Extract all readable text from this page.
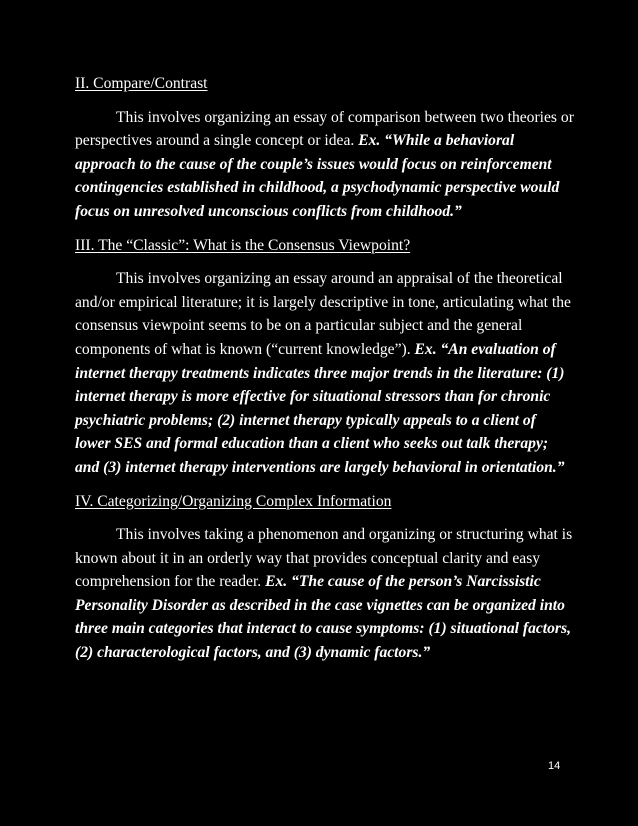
II. Compare/Contrast

This involves organizing an essay of comparison between two theories or perspectives around a single concept or idea. Ex. “While a behavioral approach to the cause of the couple’s issues would focus on reinforcement contingencies established in childhood, a psychodynamic perspective would focus on unresolved unconscious conflicts from childhood.”

III. The “Classic”: What is the Consensus Viewpoint?

This involves organizing an essay around an appraisal of the theoretical and/or empirical literature; it is largely descriptive in tone, articulating what the consensus viewpoint seems to be on a particular subject and the general components of what is known (“current knowledge”). Ex. “An evaluation of internet therapy treatments indicates three major trends in the literature: (1) internet therapy is more effective for situational stressors than for chronic psychiatric problems; (2) internet therapy typically appeals to a client of lower SES and formal education than a client who seeks out talk therapy; and (3) internet therapy interventions are largely behavioral in orientation.”

IV. Categorizing/Organizing Complex Information

This involves taking a phenomenon and organizing or structuring what is known about it in an orderly way that provides conceptual clarity and easy comprehension for the reader. Ex. “The cause of the person’s Narcissistic Personality Disorder as described in the case vignettes can be organized into three main categories that interact to cause symptoms: (1) situational factors, (2) characterological factors, and (3) dynamic factors.”

14
